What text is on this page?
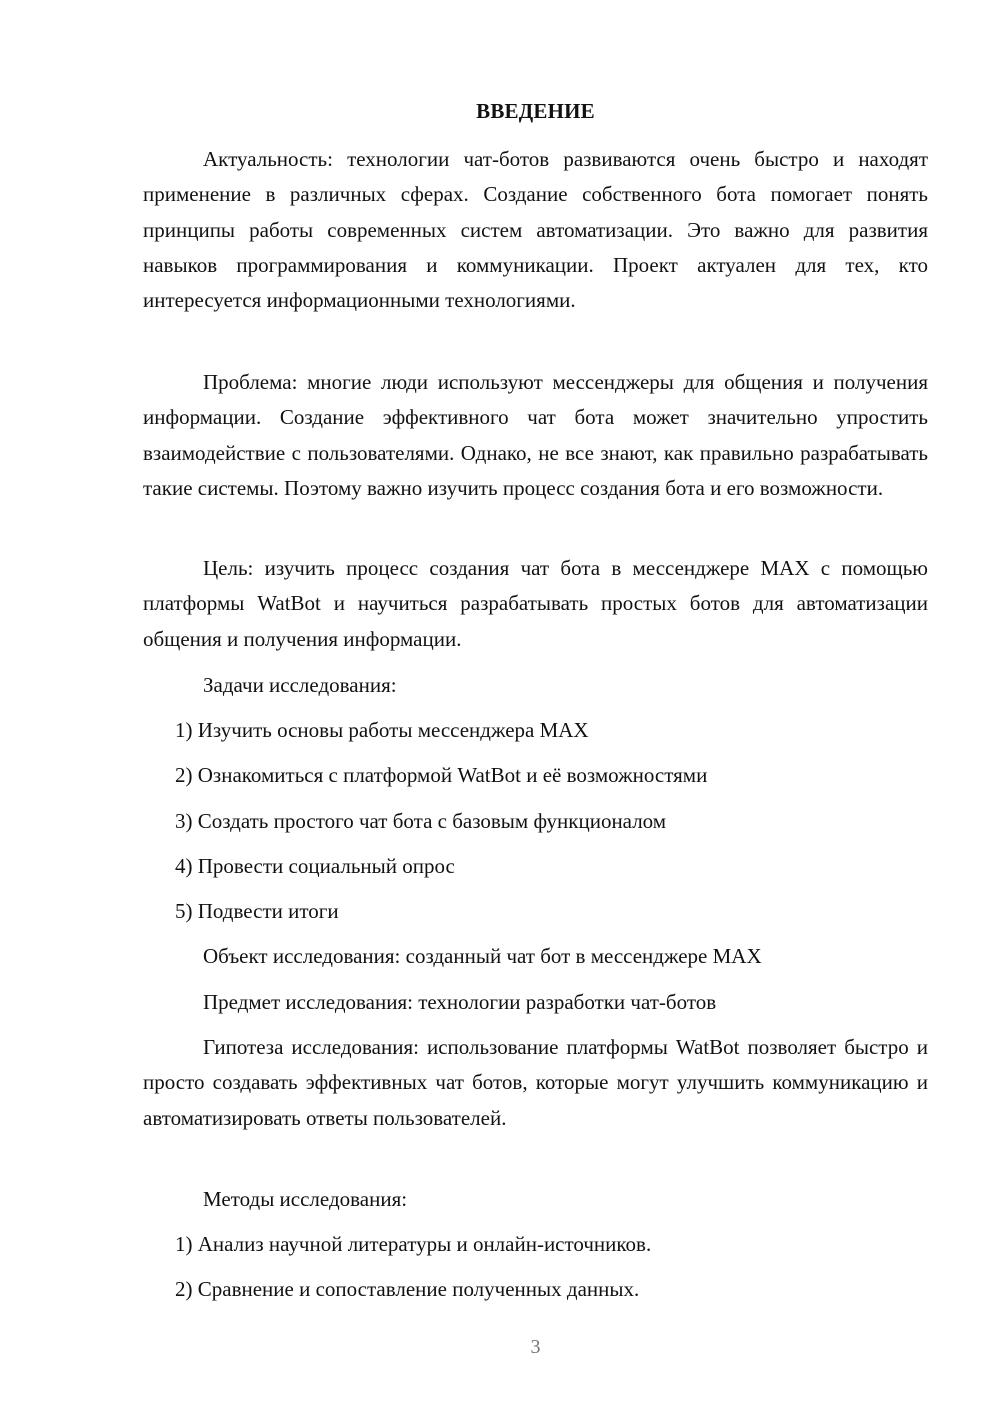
ВВЕДЕНИЕ

Актуальность: технологии чат-ботов развиваются очень быстро и находят применение в различных сферах. Создание собственного бота помогает понять принципы работы современных систем автоматизации. Это важно для развития навыков программирования и коммуникации. Проект актуален для тех, кто интересуется информационными технологиями.

Проблема: многие люди используют мессенджеры для общения и получения информации. Создание эффективного чат бота может значительно упростить взаимодействие с пользователями. Однако, не все знают, как правильно разрабатывать такие системы. Поэтому важно изучить процесс создания бота и его возможности.

Цель: изучить процесс создания чат бота в мессенджере MAX с помощью платформы WatBot и научиться разрабатывать простых ботов для автоматизации общения и получения информации.

Задачи исследования:

1) Изучить основы работы мессенджера MAX

2) Ознакомиться с платформой WatBot и её возможностями

3) Создать простого чат бота с базовым функционалом

4) Провести социальный опрос

5) Подвести итоги

Объект исследования: созданный чат бот в мессенджере MAX

Предмет исследования: технологии разработки чат-ботов

Гипотеза исследования: использование платформы WatBot позволяет быстро и просто создавать эффективных чат ботов, которые могут улучшить коммуникацию и автоматизировать ответы пользователей.

Методы исследования:

1) Анализ научной литературы и онлайн-источников.

2) Сравнение и сопоставление полученных данных.

3
